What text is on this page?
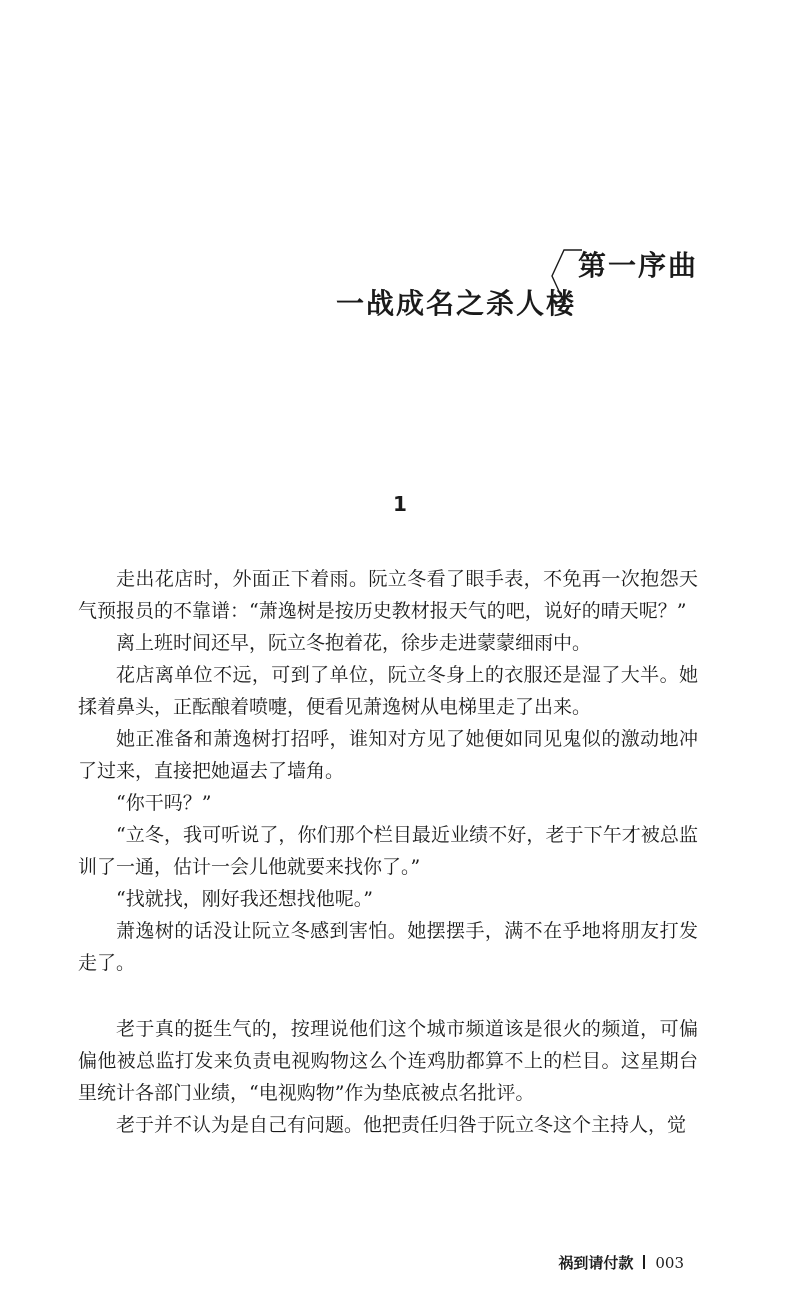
第一序曲
一战成名之杀人楼
1

走出花店时，外面正下着雨。阮立冬看了眼手表，不免再一次抱怨天气预报员的不靠谱：“萧逸树是按历史教材报天气的吧，说好的晴天呢？”

离上班时间还早，阮立冬抱着花，徐步走进蒙蒙细雨中。

花店离单位不远，可到了单位，阮立冬身上的衣服还是湿了大半。她揉着鼻头，正酝酿着喷嚏，便看见萧逸树从电梯里走了出来。

她正准备和萧逸树打招呼，谁知对方见了她便如同见鬼似的激动地冲了过来，直接把她逼去了墙角。

“你干吗？”

“立冬，我可听说了，你们那个栏目最近业绩不好，老于下午才被总监训了一通，估计一会儿他就要来找你了。”

“找就找，刚好我还想找他呢。”

萧逸树的话没让阮立冬感到害怕。她摆摆手，满不在乎地将朋友打发走了。

老于真的挺生气的，按理说他们这个城市频道该是很火的频道，可偏偏他被总监打发来负责电视购物这么个连鸡肋都算不上的栏目。这星期台里统计各部门业绩，“电视购物”作为垫底被点名批评。

老于并不认为是自己有问题。他把责任归咎于阮立冬这个主持人，觉

祸到请付款 003
